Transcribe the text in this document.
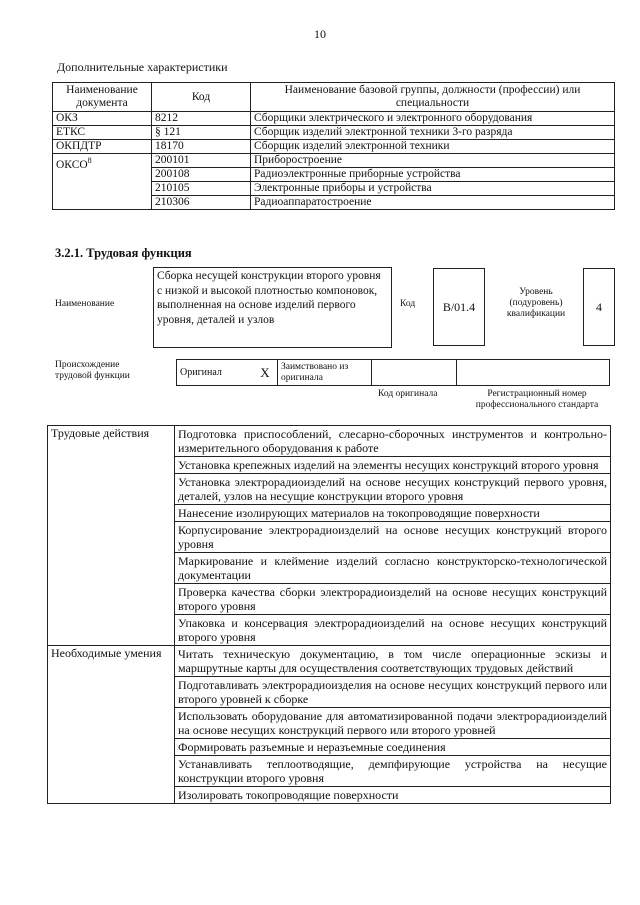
10
Дополнительные характеристики
Наименование документа	Код	Наименование базовой группы, должности (профессии) или специальности
ОКЗ	8212	Сборщики электрического и электронного оборудования
ЕТКС	§ 121	Сборщик изделий электронной техники 3-го разряда
ОКПДТР	18170	Сборщик изделий электронной техники
ОКСО$^8$	200101	Приборостроение
	200108	Радиоэлектронные приборные устройства
	210105	Электронные приборы и устройства
	210306	Радиоаппаратостроение
3.2.1. Трудовая функция
Наименование
Сборка несущей конструкции второго уровня с низкой и высокой плотностью компоновок, выполненная на основе изделий первого уровня, деталей и узлов
Код	B/01.4
Уровень (подуровень) квалификации	4
Происхождение трудовой функции	Оригинал	X	Заимствовано из оригинала		
Код оригинала	Регистрационный номер профессионального стандарта
Трудовые действия	Подготовка приспособлений, слесарно-сборочных инструментов и контрольно-измерительного оборудования к работе
	Установка крепежных изделий на элементы несущих конструкций второго уровня
	Установка электрорадиоизделий на основе несущих конструкций первого уровня, деталей, узлов на несущие конструкции второго уровня
	Нанесение изолирующих материалов на токопроводящие поверхности
	Корпусирование электрорадиоизделий на основе несущих конструкций второго уровня
	Маркирование и клеймение изделий согласно конструкторско-технологической документации
	Проверка качества сборки электрорадиоизделий на основе несущих конструкций второго уровня
	Упаковка и консервация электрорадиоизделий на основе несущих конструкций второго уровня
Необходимые умения	Читать техническую документацию, в том числе операционные эскизы и маршрутные карты для осуществления соответствующих трудовых действий
	Подготавливать электрорадиоизделия на основе несущих конструкций первого или второго уровней к сборке
	Использовать оборудование для автоматизированной подачи электрорадиоизделий на основе несущих конструкций первого или второго уровней
	Формировать разъемные и неразъемные соединения
	Устанавливать теплоотводящие, демпфирующие устройства на несущие конструкции второго уровня
	Изолировать токопроводящие поверхности
